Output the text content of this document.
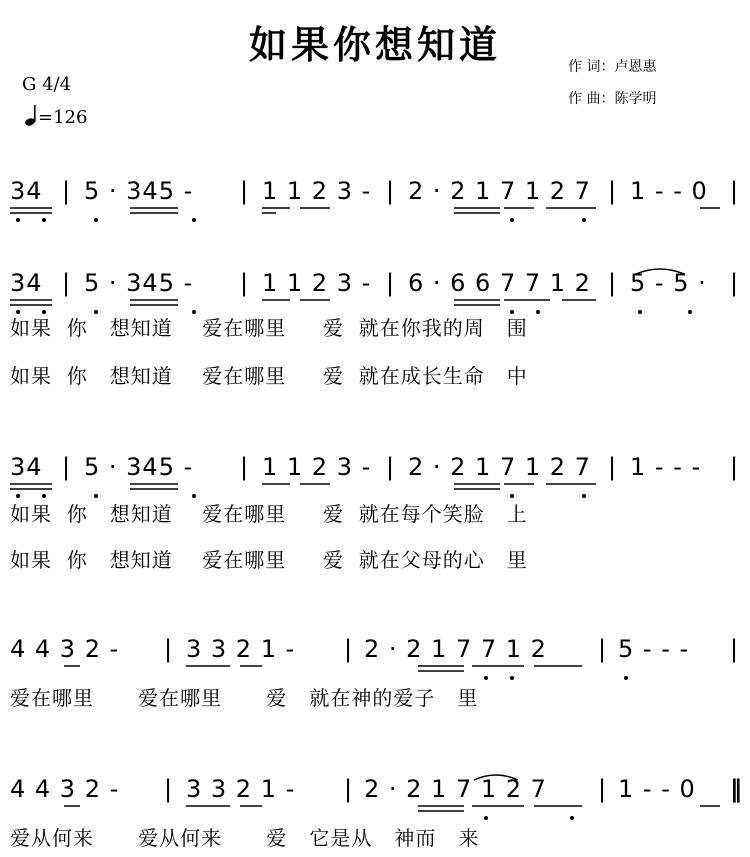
如果你想知道	作 词：卢恩惠
作 曲：陈学明
G 4/4
=126
34 | 5 · 345 - | 1 1 2 3 - | 2 · 2 1 7 1 2 7 | 1 - - 0 |
34 | 5 · 345 - | 1 1 2 3 - | 6 · 6 6 7 7 1 2 | 5 - 5 · |
如果  你   想知道    爱在哪里     爱  就在你我的周   围
如果  你   想知道    爱在哪里     爱  就在成长生命   中
34 | 5 · 345 - | 1 1 2 3 - | 2 · 2 1 7 1 2 7 | 1 - - - |
如果  你   想知道    爱在哪里     爱  就在每个笑脸   上
如果  你   想知道    爱在哪里     爱  就在父母的心   里
4 4 3 2 - | 3 3 2 1 - | 2 · 2 1 7 7 1 2 | 5 - - - |
爱在哪里      爱在哪里      爱   就在神的爱子   里
4 4 3 2 - | 3 3 2 1 - | 2 · 2 1 7 1 2 7 | 1 - - 0 ‖
爱从何来      爱从何来      爱   它是从   神而   来
